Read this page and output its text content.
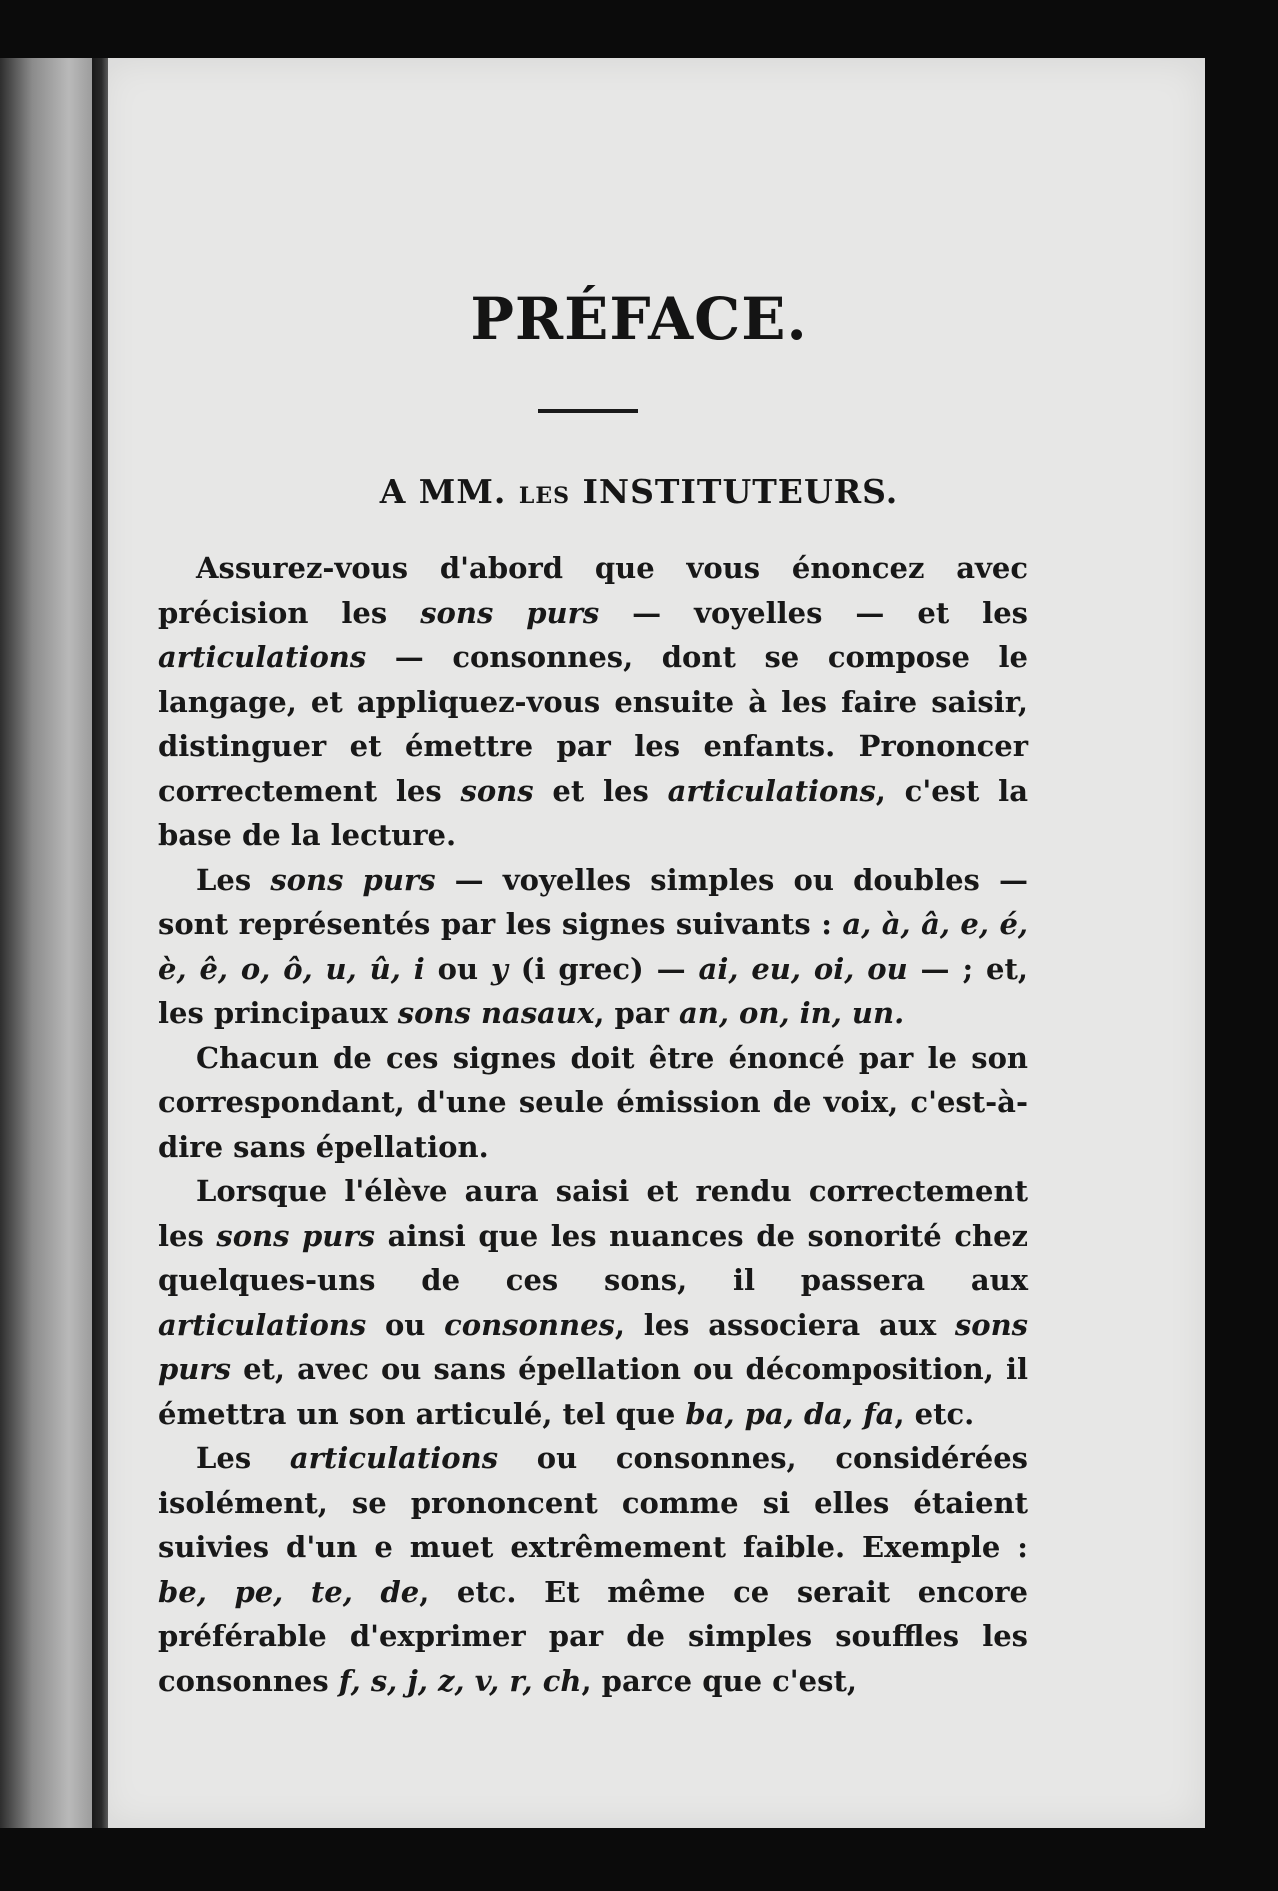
PRÉFACE.
A MM. LES INSTITUTEURS.

Assurez-vous d'abord que vous énoncez avec précision les sons purs — voyelles — et les articulations — consonnes, dont se compose le langage, et appliquez-vous ensuite à les faire saisir, distinguer et émettre par les enfants. Prononcer correctement les sons et les articulations, c'est la base de la lecture.

Les sons purs — voyelles simples ou doubles — sont représentés par les signes suivants : a, à, â, e, é, è, ê, o, ô, u, û, i ou y (i grec) — ai, eu, oi, ou — ; et, les principaux sons nasaux, par an, on, in, un.

Chacun de ces signes doit être énoncé par le son correspondant, d'une seule émission de voix, c'est-à-dire sans épellation.

Lorsque l'élève aura saisi et rendu correctement les sons purs ainsi que les nuances de sonorité chez quelques-uns de ces sons, il passera aux articulations ou consonnes, les associera aux sons purs et, avec ou sans épellation ou décomposition, il émettra un son articulé, tel que ba, pa, da, fa, etc.

Les articulations ou consonnes, considérées isolément, se prononcent comme si elles étaient suivies d'un e muet extrêmement faible. Exemple : be, pe, te, de, etc. Et même ce serait encore préférable d'exprimer par de simples souffles les consonnes f, s, j, z, v, r, ch, parce que c'est,
